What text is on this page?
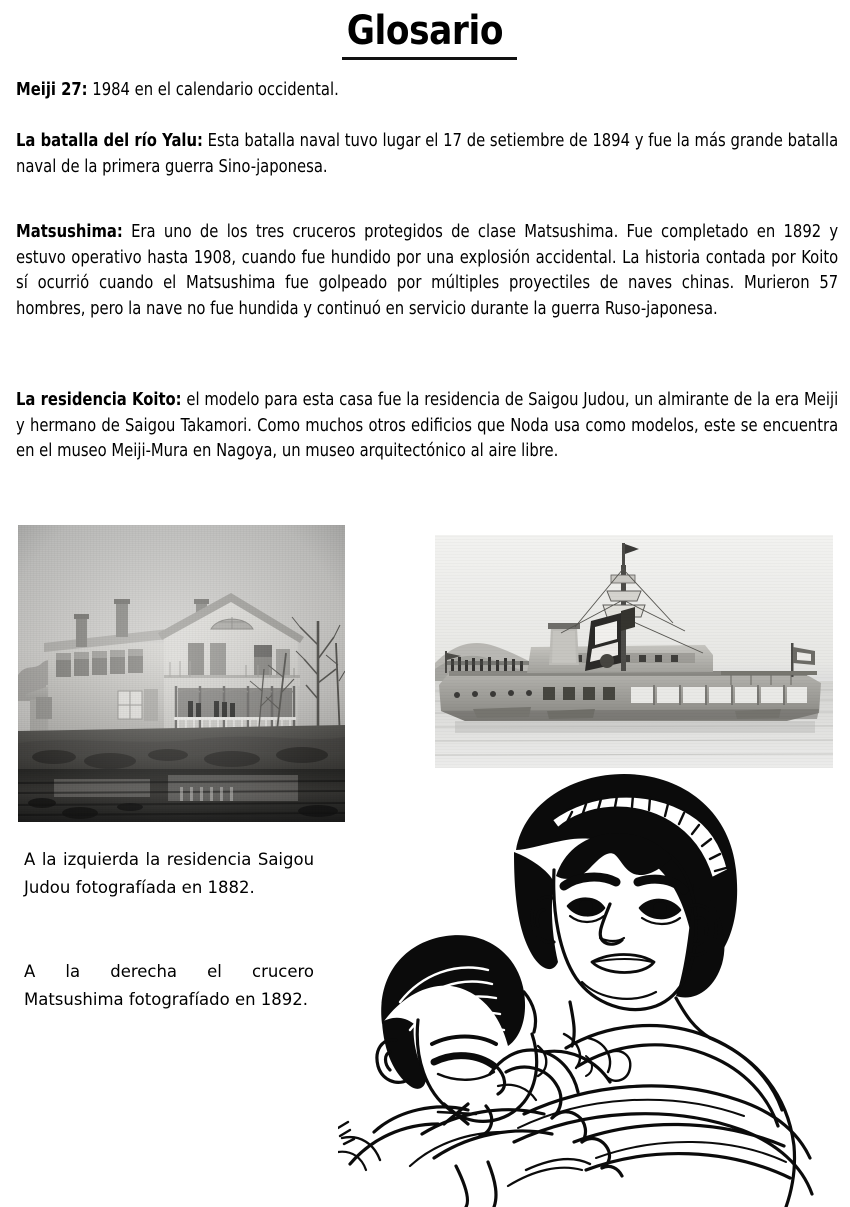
Glosario
Meiji 27: 1984 en el calendario occidental.
La batalla del río Yalu: Esta batalla naval tuvo lugar el 17 de setiembre de 1894 y fue la más grande batalla naval de la primera guerra Sino-japonesa.
Matsushima: Era uno de los tres cruceros protegidos de clase Matsushima. Fue completado en 1892 y estuvo operativo hasta 1908, cuando fue hundido por una explosión accidental. La historia contada por Koito sí ocurrió cuando el Matsushima fue golpeado por múltiples proyectiles de naves chinas. Murieron 57 hombres, pero la nave no fue hundida y continuó en servicio durante la guerra Ruso-japonesa.
La residencia Koito: el modelo para esta casa fue la residencia de Saigou Judou, un almirante de la era Meiji y hermano de Saigou Takamori. Como muchos otros edificios que Noda usa como modelos, este se encuentra en el museo Meiji-Mura en Nagoya, un museo arquitectónico al aire libre.
A la izquierda la residencia Saigou Judou fotografíada en 1882.
A la derecha el crucero Matsushima fotografíado en 1892.
